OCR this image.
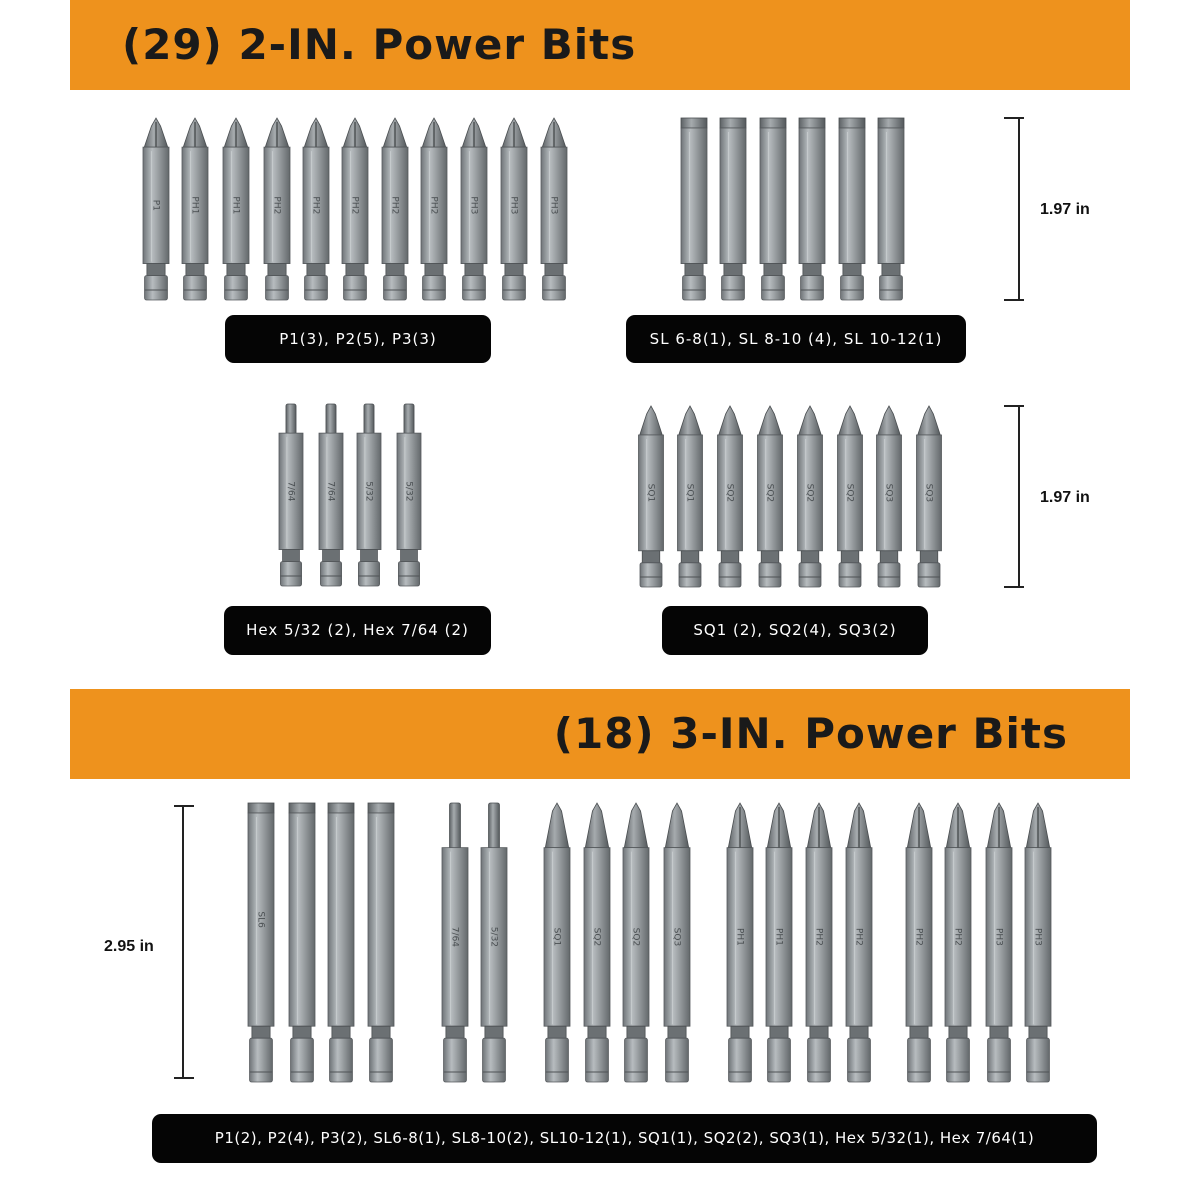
(29) 2-IN. Power Bits
P1	PH1	PH1	PH2	PH2	PH2	PH2	PH2	PH3	PH3	PH3
7/64	7/64	5/32	5/32	SQ1	SQ1	SQ2	SQ2	SQ2	SQ2	SQ3	SQ3
SL6
7/64	5/32	SQ1	SQ2	SQ2	SQ3	PH1	PH1	PH2	PH2	PH2	PH2	PH3	PH3
1.97 in
1.97 in
2.95 in
P1(3), P2(5), P3(3)	SL 6-8(1), SL 8-10 (4), SL 10-12(1)
Hex 5/32 (2), Hex 7/64 (2)	SQ1 (2), SQ2(4), SQ3(2)
(18) 3-IN. Power Bits
P1(2), P2(4), P3(2), SL6-8(1), SL8-10(2), SL10-12(1), SQ1(1), SQ2(2), SQ3(1), Hex 5/32(1), Hex 7/64(1)
